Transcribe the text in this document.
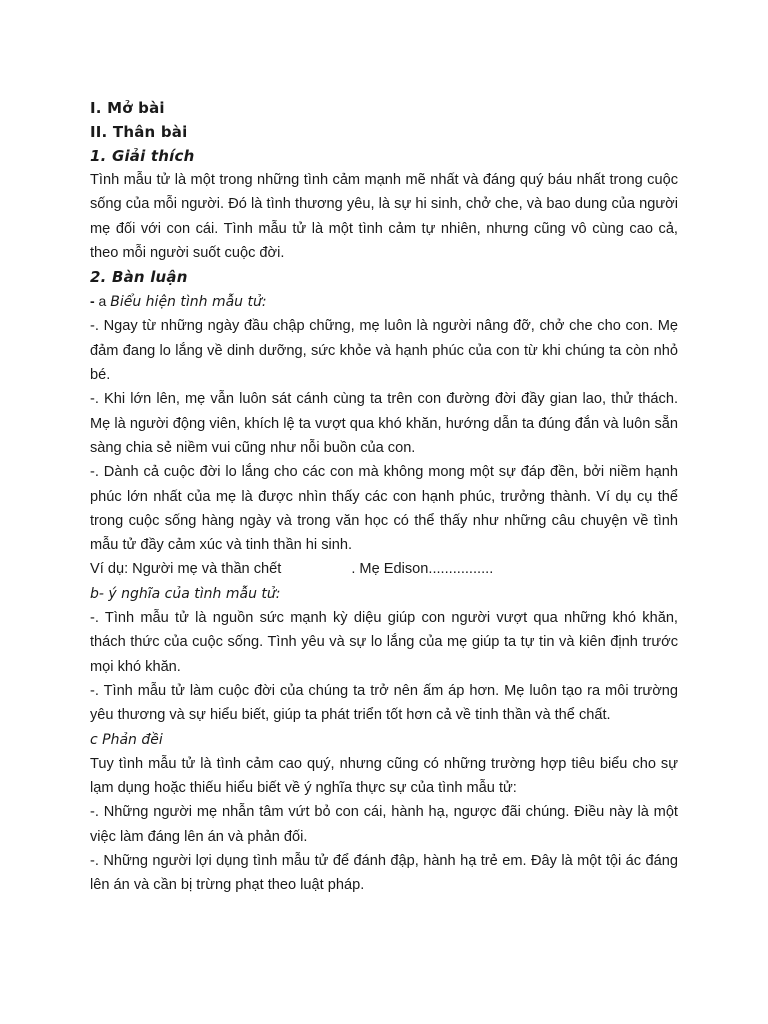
I. Mở bài

II. Thân bài

1. Giải thích

Tình mẫu tử là một trong những tình cảm mạnh mẽ nhất và đáng quý báu nhất trong cuộc sống của mỗi người. Đó là tình thương yêu, là sự hi sinh, chở che, và bao dung của người mẹ đối với con cái. Tình mẫu tử là một tình cảm tự nhiên, nhưng cũng vô cùng cao cả, theo mỗi người suốt cuộc đời.

2. Bàn luận

- a Biểu hiện tình mẫu tử:

-. Ngay từ những ngày đầu chập chững, mẹ luôn là người nâng đỡ, chở che cho con. Mẹ đảm đang lo lắng về dinh dưỡng, sức khỏe và hạnh phúc của con từ khi chúng ta còn nhỏ bé.

-. Khi lớn lên, mẹ vẫn luôn sát cánh cùng ta trên con đường đời đầy gian lao, thử thách. Mẹ là người động viên, khích lệ ta vượt qua khó khăn, hướng dẫn ta đúng đắn và luôn sẵn sàng chia sẻ niềm vui cũng như nỗi buồn của con.

-. Dành cả cuộc đời lo lắng cho các con mà không mong một sự đáp đền, bởi niềm hạnh phúc lớn nhất của mẹ là được nhìn thấy các con hạnh phúc, trưởng thành. Ví dụ cụ thể trong cuộc sống hàng ngày và trong văn học có thể thấy như những câu chuyện về tình mẫu tử đầy cảm xúc và tinh thần hi sinh.

Ví dụ: Người mẹ và thần chết	. Mẹ Edison................

b- ý nghĩa của tình mẫu tử:

-. Tình mẫu tử là nguồn sức mạnh kỳ diệu giúp con người vượt qua những khó khăn, thách thức của cuộc sống. Tình yêu và sự lo lắng của mẹ giúp ta tự tin và kiên định trước mọi khó khăn.

-. Tình mẫu tử làm cuộc đời của chúng ta trở nên ấm áp hơn. Mẹ luôn tạo ra môi trường yêu thương và sự hiểu biết, giúp ta phát triển tốt hơn cả về tinh thần và thể chất.

c Phản đềi

Tuy tình mẫu tử là tình cảm cao quý, nhưng cũng có những trường hợp tiêu biểu cho sự lạm dụng hoặc thiếu hiểu biết về ý nghĩa thực sự của tình mẫu tử:

-. Những người mẹ nhẫn tâm vứt bỏ con cái, hành hạ, ngược đãi chúng. Điều này là một việc làm đáng lên án và phản đối.

-. Những người lợi dụng tình mẫu tử để đánh đập, hành hạ trẻ em. Đây là một tội ác đáng lên án và cần bị trừng phạt theo luật pháp.
